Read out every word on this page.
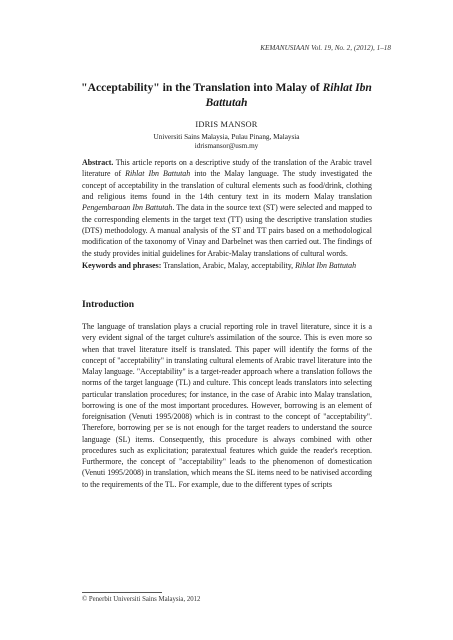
KEMANUSIAAN Vol. 19, No. 2, (2012), 1–18
"Acceptability" in the Translation into Malay of Rihlat Ibn Battutah
IDRIS MANSOR
Universiti Sains Malaysia, Pulau Pinang, Malaysia
idrismansor@usm.my
Abstract. This article reports on a descriptive study of the translation of the Arabic travel literature of Rihlat Ibn Battutah into the Malay language. The study investigated the concept of acceptability in the translation of cultural elements such as food/drink, clothing and religious items found in the 14th century text in its modern Malay translation Pengembaraan Ibn Battutah. The data in the source text (ST) were selected and mapped to the corresponding elements in the target text (TT) using the descriptive translation studies (DTS) methodology. A manual analysis of the ST and TT pairs based on a methodological modification of the taxonomy of Vinay and Darbelnet was then carried out. The findings of the study provides initial guidelines for Arabic-Malay translations of cultural words.
Keywords and phrases: Translation, Arabic, Malay, acceptability, Rihlat Ibn Battutah
Introduction
The language of translation plays a crucial reporting role in travel literature, since it is a very evident signal of the target culture's assimilation of the source. This is even more so when that travel literature itself is translated. This paper will identify the forms of the concept of "acceptability" in translating cultural elements of Arabic travel literature into the Malay language. "Acceptability" is a target-reader approach where a translation follows the norms of the target language (TL) and culture. This concept leads translators into selecting particular translation procedures; for instance, in the case of Arabic into Malay translation, borrowing is one of the most important procedures. However, borrowing is an element of foreignisation (Venuti 1995/2008) which is in contrast to the concept of "acceptability". Therefore, borrowing per se is not enough for the target readers to understand the source language (SL) items. Consequently, this procedure is always combined with other procedures such as explicitation; paratextual features which guide the reader's reception. Furthermore, the concept of "acceptability" leads to the phenomenon of domestication (Venuti 1995/2008) in translation, which means the SL items need to be nativised according to the requirements of the TL. For example, due to the different types of scripts
© Penerbit Universiti Sains Malaysia, 2012
